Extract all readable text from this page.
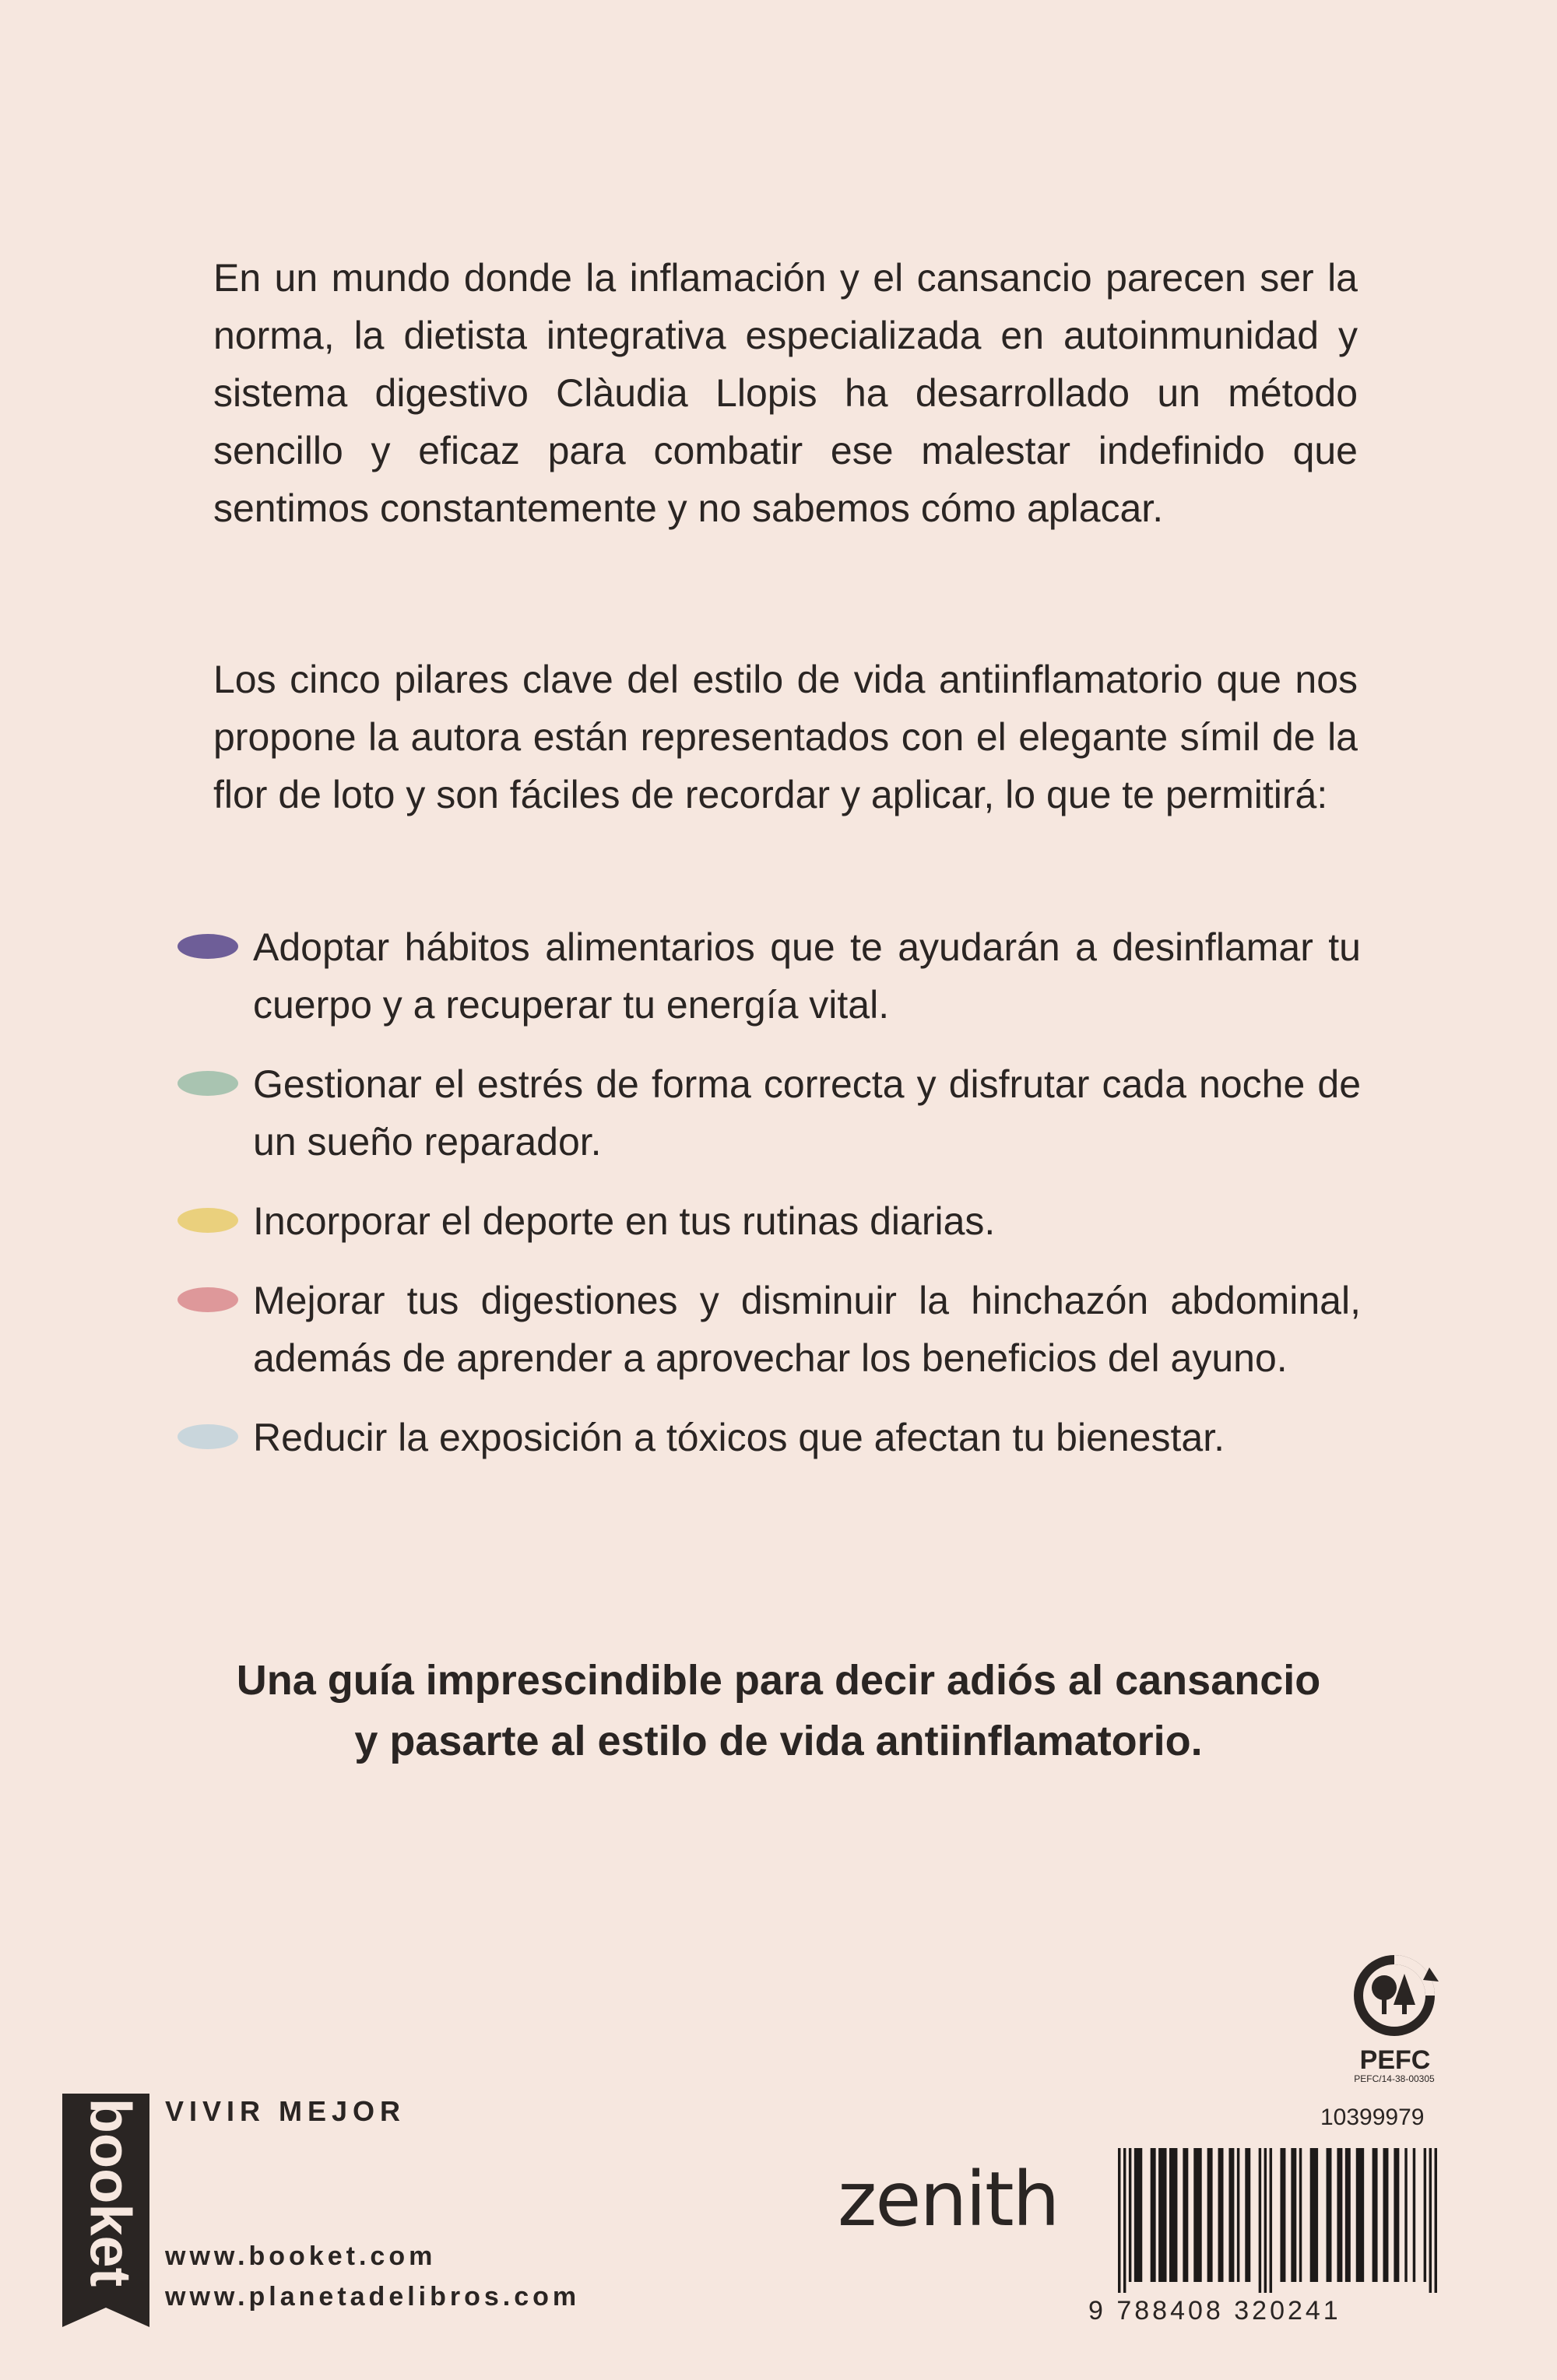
En un mundo donde la inflamación y el cansancio parecen ser la norma, la dietista integrativa especializada en autoinmunidad y sistema digestivo Clàudia Llopis ha desarrollado un método sencillo y eficaz para combatir ese malestar indefinido que sentimos constantemente y no sabemos cómo aplacar.

Los cinco pilares clave del estilo de vida antiinflamatorio que nos propone la autora están representados con el elegante símil de la flor de loto y son fáciles de recordar y aplicar, lo que te permitirá:

Adoptar hábitos alimentarios que te ayudarán a desinflamar tu cuerpo y a recuperar tu energía vital.
Gestionar el estrés de forma correcta y disfrutar cada noche de un sueño reparador.
Incorporar el deporte en tus rutinas diarias.
Mejorar tus digestiones y disminuir la hinchazón abdominal, además de aprender a aprovechar los beneficios del ayuno.
Reducir la exposición a tóxicos que afectan tu bienestar.

Una guía imprescindible para decir adiós al cansancio
y pasarte al estilo de vida antiinflamatorio.

PEFC
PEFC/14-38-00305
10399979
booket VIVIR MEJOR
www.booket.com
www.planetadelibros.com
zenith
9 788408 320241
